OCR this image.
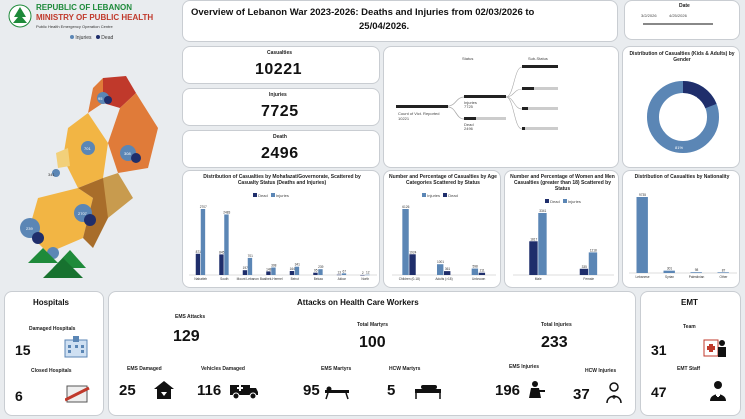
REPUBLIC OF LEBANON
MINISTRY OF PUBLIC HEALTH
Public Health Emergency Operation Centre
Injuries Dead
239
2707
701
308
341
95
Overview of Lebanon War 2023-2026: Deaths and Injuries from 02/03/2026 to
25/04/2026.
Date
3/2/2026	4/25/2026
Casualties
10221
Injuries
7725
Death
2496
Status	Sub-Status
Count of Vict. Reported
10221
Injuries
7725
Dead
2496
Distribution of Casualties (Kids & Adults) by Gender
19%
81%
Distribution of Casualties by Mohafazat/Governorate, Scattered by Casualty Status (Deaths and Injuries)
Dead Injuries
871
2707
Nabatieh
845
2483
South
197
701
Mount Lebanon
148
308
Baalbek-Hermel
164
341
Beirut
95
239
Bekaa
13 67
Akkar
2 12
North
Number and Percentage of Casualties by Age Categories Scattered by Status
Injuries Dead
6126
1924
Children (0-18)
1001
361
Adults (>18)
598
211
Unknown
Number and Percentage of Women and Men Casualties (greater than 18) Scattered by Status
Dead Injuries
1817
3341
Male
335
1218
Female
Distribution of Casualties by Nationality
9735
Lebanese
301
Syrian
98
Palestinian
87
Other
Hospitals
Damaged Hospitals
15
Closed Hospitals
6
Attacks on Health Care Workers
EMS Attacks
129
Total Martyrs
100
Total Injuries
233
EMS Damaged
25
Vehicles Damaged
116
EMS Martyrs
95
HCW Martyrs
5
EMS Injuries
196
HCW Injuries
37
EMT
Team
31
EMT Staff
47
